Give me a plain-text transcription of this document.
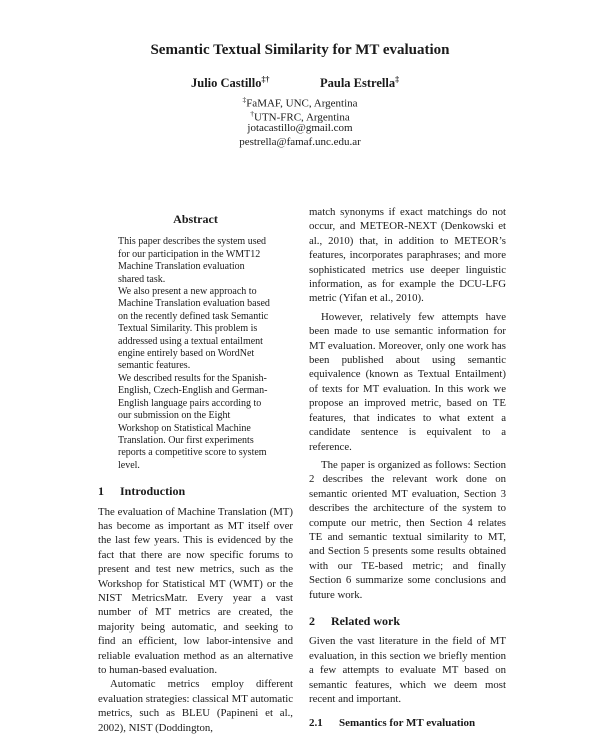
Semantic Textual Similarity for MT evaluation
Julio Castillo‡†	Paula Estrella‡
‡FaMAF, UNC, Argentina
†UTN-FRC, Argentina
jotacastillo@gmail.com
pestrella@famaf.unc.edu.ar
Abstract

This paper describes the system used for our participation in the WMT12 Machine Translation evaluation shared task.

We also present a new approach to Machine Translation evaluation based on the recently defined task Semantic Textual Similarity. This problem is addressed using a textual entailment engine entirely based on WordNet semantic features.

We described results for the Spanish-English, Czech-English and German-English language pairs according to our submission on the Eight Workshop on Statistical Machine Translation. Our first experiments reports a competitive score to system level.

1 Introduction

The evaluation of Machine Translation (MT) has become as important as MT itself over the last few years. This is evidenced by the fact that there are now specific forums to present and test new metrics, such as the Workshop for Statistical MT (WMT) or the NIST MetricsMatr. Every year a vast number of MT metrics are created, the majority being automatic, and seeking to find an efficient, low labor-intensive and reliable evaluation method as an alternative to human-based evaluation.

Automatic metrics employ different evaluation strategies: classical MT automatic metrics, such as BLEU (Papineni et al., 2002), NIST (Doddington,

match synonyms if exact matchings do not occur, and METEOR-NEXT (Denkowski et al., 2010) that, in addition to METEOR’s features, incorporates paraphrases; and more sophisticated metrics use deeper linguistic information, as for example the DCU-LFG metric (Yifan et al., 2010).

However, relatively few attempts have been made to use semantic information for MT evaluation. Moreover, only one work has been published about using semantic equivalence (known as Textual Entailment) of texts for MT evaluation. In this work we propose an improved metric, based on TE features, that indicates to what extent a candidate sentence is equivalent to a reference.

The paper is organized as follows: Section 2 describes the relevant work done on semantic oriented MT evaluation, Section 3 describes the architecture of the system to compute our metric, then Section 4 relates TE and semantic textual similarity to MT, and Section 5 presents some results obtained with our TE-based metric; and finally Section 6 summarize some conclusions and future work.

2 Related work

Given the vast literature in the field of MT evaluation, in this section we briefly mention a few attempts to evaluate MT based on semantic features, which we deem most recent and important.

2.1 Semantics for MT evaluation
